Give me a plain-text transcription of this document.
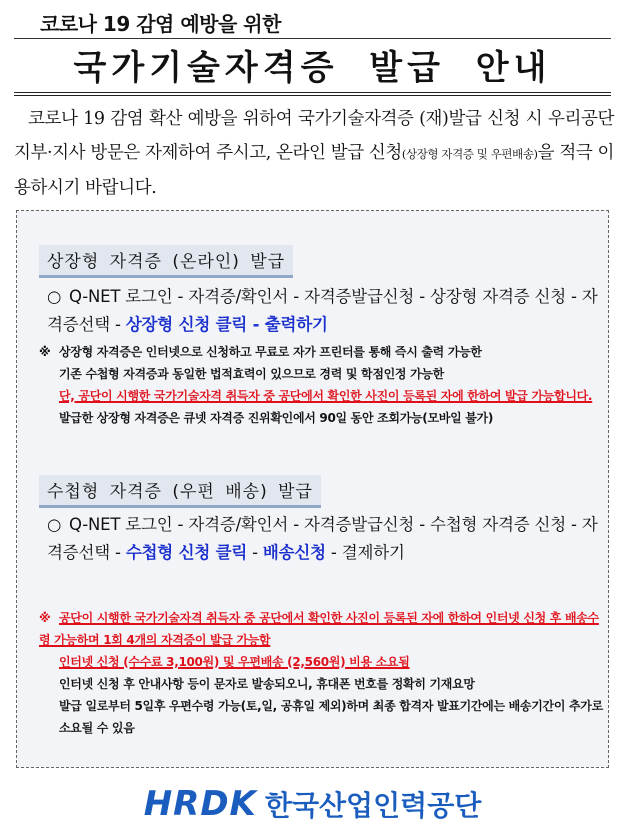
코로나 19 감염 예방을 위한
국가기술자격증 발급 안내
코로나 19 감염 확산 예방을 위하여 국가기술자격증 (재)발급 신청 시 우리공단 지부·지사 방문은 자제하여 주시고, 온라인 발급 신청(상장형 자격증 및 우편배송)을 적극 이용하시기 바랍니다.
상장형 자격증 (온라인) 발급
○ Q-NET 로그인 - 자격증/확인서 - 자격증발급신청 - 상장형 자격증 신청 - 자격증선택 - 상장형 신청 클릭 - 출력하기
※ 상장형 자격증은 인터넷으로 신청하고 무료로 자가 프린터를 통해 즉시 출력 가능한
기존 수첩형 자격증과 동일한 법적효력이 있으므로 경력 및 학점인정 가능한
단, 공단이 시행한 국가기술자격 취득자 중 공단에서 확인한 사진이 등록된 자에 한하여 발급 가능합니다.
발급한 상장형 자격증은 큐넷 자격증 진위확인에서 90일 동안 조회가능(모바일 불가)
수첩형 자격증 (우편 배송) 발급
○ Q-NET 로그인 - 자격증/확인서 - 자격증발급신청 - 수첩형 자격증 신청 - 자격증선택 - 수첩형 신청 클릭 - 배송신청 - 결제하기
※ 공단이 시행한 국가기술자격 취득자 중 공단에서 확인한 사진이 등록된 자에 한하여 인터넷 신청 후 배송수령 가능하며 1회 4개의 자격증이 발급 가능함
인터넷 신청 (수수료 3,100원) 및 우편배송 (2,560원) 비용 소요됨
인터넷 신청 후 안내사항 등이 문자로 발송되오니, 휴대폰 번호를 정확히 기재요망
발급 일로부터 5일후 우편수령 가능(토,일, 공휴일 제외)하며 최종 합격자 발표기간에는 배송기간이 추가로 소요될 수 있음
HRDK 한국산업인력공단
